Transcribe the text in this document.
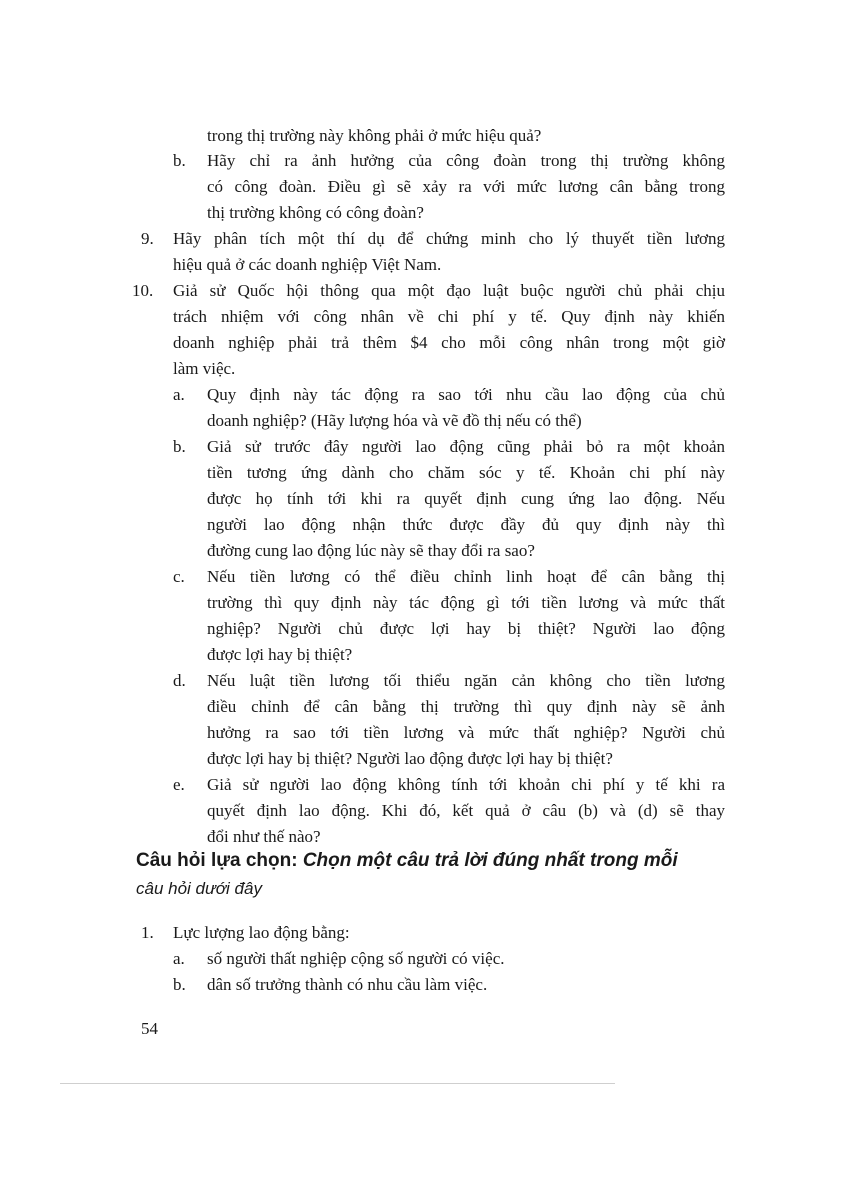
trong thị trường này không phải ở mức hiệu quả?
b. Hãy chỉ ra ảnh hưởng của công đoàn trong thị trường không
có công đoàn. Điều gì sẽ xảy ra với mức lương cân bằng trong
thị trường không có công đoàn?
9. Hãy phân tích một thí dụ để chứng minh cho lý thuyết tiền lương
hiệu quả ở các doanh nghiệp Việt Nam.
10. Giả sử Quốc hội thông qua một đạo luật buộc người chủ phải chịu
trách nhiệm với công nhân về chi phí y tế. Quy định này khiến
doanh nghiệp phải trả thêm $4 cho mỗi công nhân trong một giờ
làm việc.
a. Quy định này tác động ra sao tới nhu cầu lao động của chủ
doanh nghiệp? (Hãy lượng hóa và vẽ đồ thị nếu có thể)
b. Giả sử trước đây người lao động cũng phải bỏ ra một khoản
tiền tương ứng dành cho chăm sóc y tế. Khoản chi phí này
được họ tính tới khi ra quyết định cung ứng lao động. Nếu
người lao động nhận thức được đầy đủ quy định này thì
đường cung lao động lúc này sẽ thay đổi ra sao?
c. Nếu tiền lương có thể điều chỉnh linh hoạt để cân bằng thị
trường thì quy định này tác động gì tới tiền lương và mức thất
nghiệp? Người chủ được lợi hay bị thiệt? Người lao động
được lợi hay bị thiệt?
d. Nếu luật tiền lương tối thiểu ngăn cản không cho tiền lương
điều chỉnh để cân bằng thị trường thì quy định này sẽ ảnh
hưởng ra sao tới tiền lương và mức thất nghiệp? Người chủ
được lợi hay bị thiệt? Người lao động được lợi hay bị thiệt?
e. Giả sử người lao động không tính tới khoản chi phí y tế khi ra
quyết định lao động. Khi đó, kết quả ở câu (b) và (d) sẽ thay
đổi như thế nào?
Câu hỏi lựa chọn: Chọn một câu trả lời đúng nhất trong mỗi
câu hỏi dưới đây
1. Lực lượng lao động bằng:
a. số người thất nghiệp cộng số người có việc.
b. dân số trưởng thành có nhu cầu làm việc.
54
